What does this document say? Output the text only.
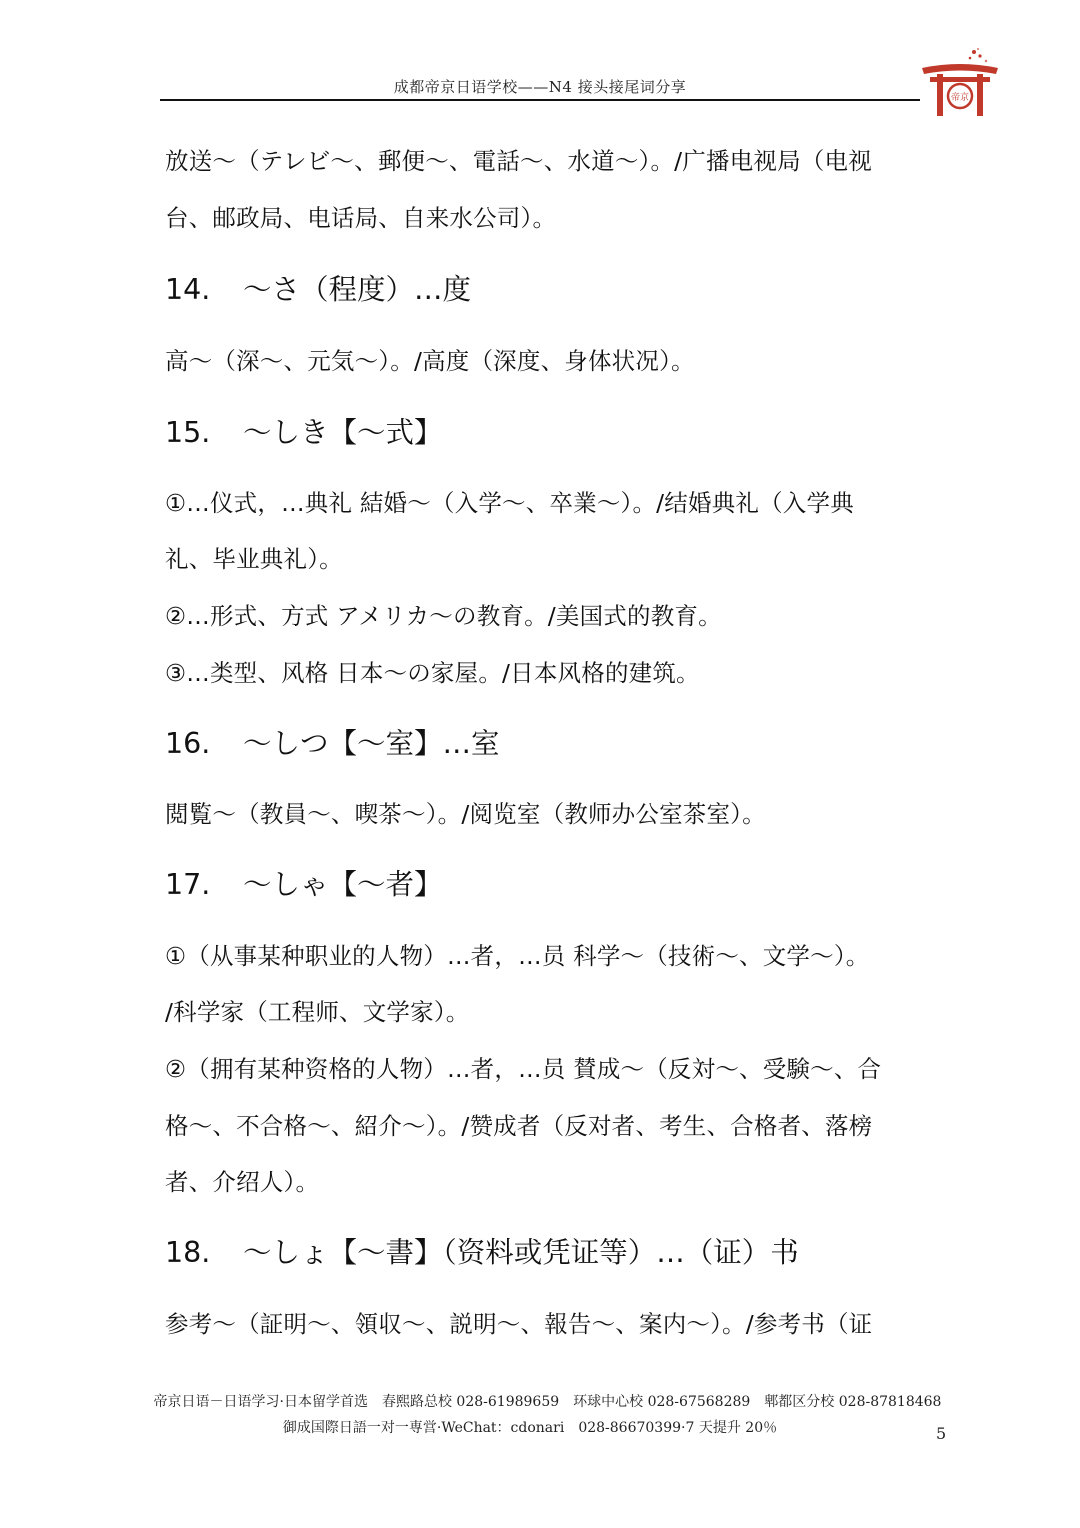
成都帝京日语学校——N4 接头接尾词分享
帝京
放送〜（テレビ〜、郵便〜、電話〜、水道〜）。/广播电视局（电视
台、邮政局、电话局、自来水公司）。
14. 〜さ（程度）…度
高〜（深〜、元気〜）。/高度（深度、身体状况）。
15. 〜しき【〜式】
①…仪式，…典礼 結婚〜（入学〜、卒業〜）。/结婚典礼（入学典
礼、毕业典礼）。
②…形式、方式 アメリカ〜の教育。/美国式的教育。
③…类型、风格 日本〜の家屋。/日本风格的建筑。
16. 〜しつ【〜室】…室
閲覧〜（教員〜、喫茶〜）。/阅览室（教师办公室茶室）。
17. 〜しゃ【〜者】
①（从事某种职业的人物）…者，…员 科学〜（技術〜、文学〜）。
/科学家（工程师、文学家）。
②（拥有某种资格的人物）…者，…员 賛成〜（反対〜、受験〜、合
格〜、不合格〜、紹介〜）。/赞成者（反对者、考生、合格者、落榜
者、介绍人）。
18. 〜しょ【〜書】（资料或凭证等）…（证）书
参考〜（証明〜、領収〜、説明〜、報告〜、案内〜）。/参考书（证
帝京日语－日语学习·日本留学首选　春熙路总校 028-61989659　环球中心校 028-67568289　郫都区分校 028-87818468
御成国際日語一对一専営·WeChat：cdonari　028-86670399·7 天提升 20％	5
